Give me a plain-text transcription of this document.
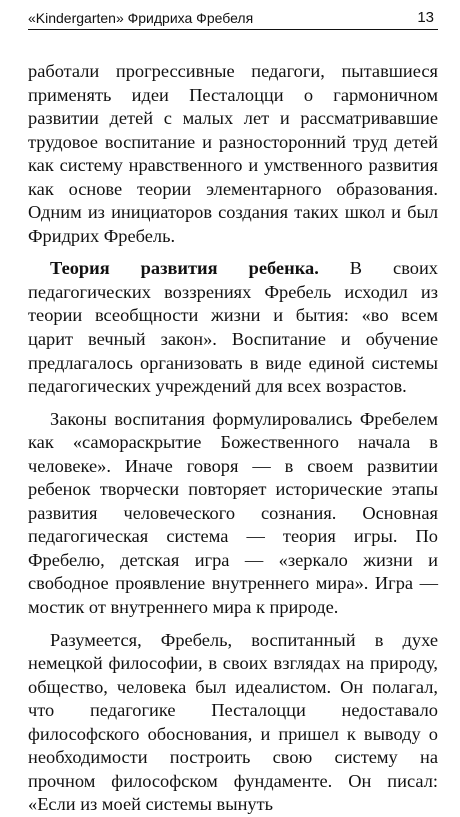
«Kindergarten» Фридриха Фребеля	13

работали прогрессивные педагоги, пытавшиеся применять идеи Песталоцци о гармоничном развитии детей с малых лет и рассматривавшие трудовое воспитание и разносторонний труд детей как систему нравственного и умственного развития как основе теории элементарного образования. Одним из инициаторов создания таких школ и был Фридрих Фребель.

Теория развития ребенка. В своих педагогических воззрениях Фребель исходил из теории всеобщности жизни и бытия: «во всем царит вечный закон». Воспитание и обучение предлагалось организовать в виде единой системы педагогических учреждений для всех возрастов.

Законы воспитания формулировались Фребелем как «самораскрытие Божественного начала в человеке». Иначе говоря — в своем развитии ребенок творчески повторяет исторические этапы развития человеческого сознания. Основная педагогическая система — теория игры. По Фребелю, детская игра — «зеркало жизни и свободное проявление внутреннего мира». Игра — мостик от внутреннего мира к природе.

Разумеется, Фребель, воспитанный в духе немецкой философии, в своих взглядах на природу, общество, человека был идеалистом. Он полагал, что педагогике Песталоцци недоставало философского обоснования, и пришел к выводу о необходимости построить свою систему на прочном философском фундаменте. Он писал: «Если из моей системы вынуть
